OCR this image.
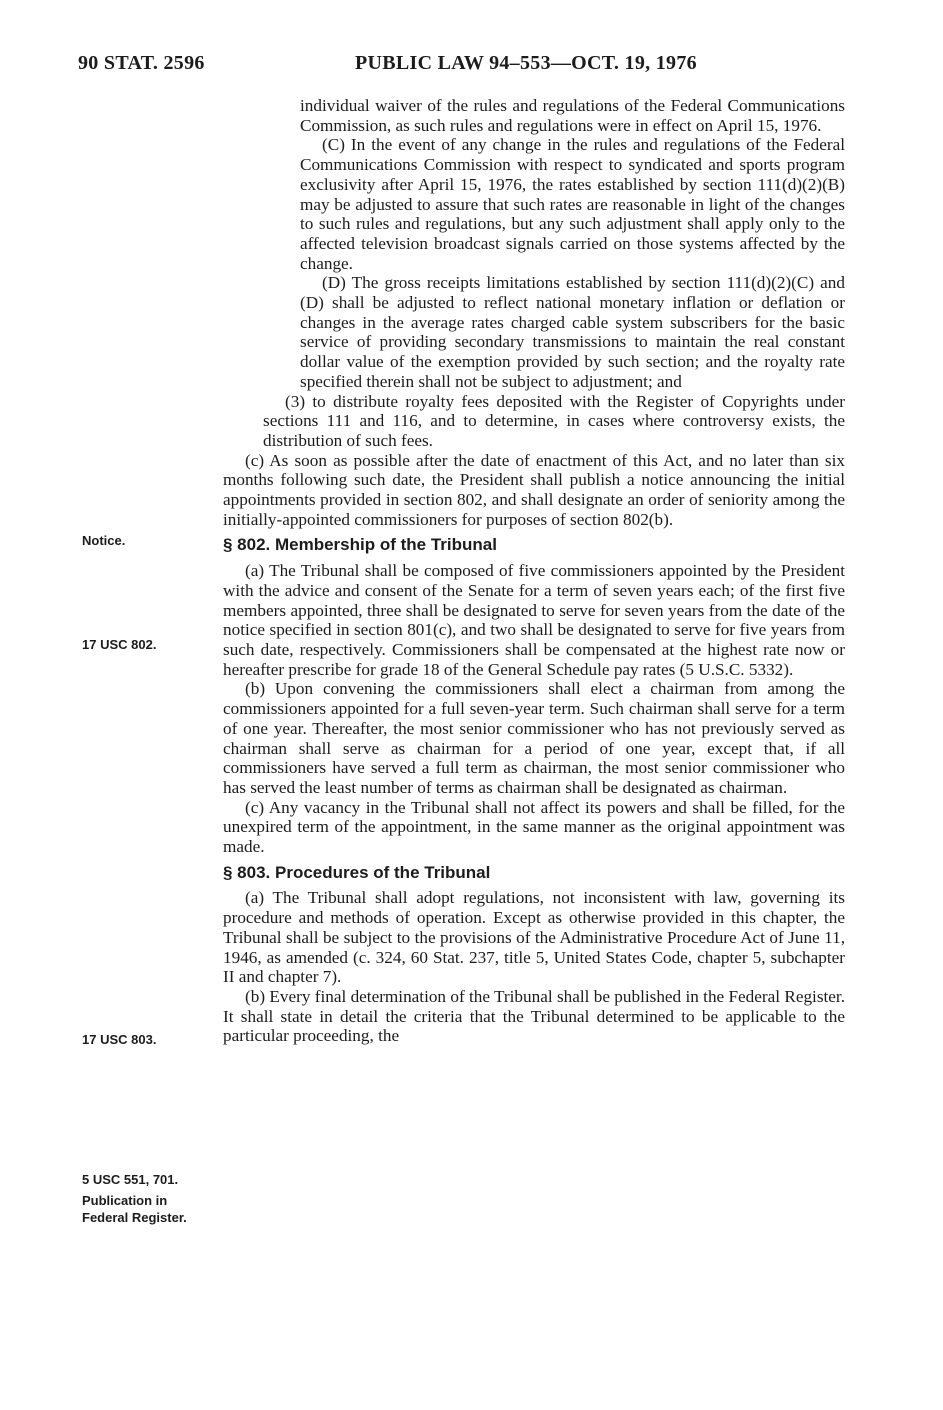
90 STAT. 2596	PUBLIC LAW 94–553—OCT. 19, 1976
Notice.
17 USC 802.
17 USC 803.
5 USC 551, 701.
Publication in Federal Register.

individual waiver of the rules and regulations of the Federal Communications Commission, as such rules and regulations were in effect on April 15, 1976.

(C) In the event of any change in the rules and regulations of the Federal Communications Commission with respect to syndicated and sports program exclusivity after April 15, 1976, the rates established by section 111(d)(2)(B) may be adjusted to assure that such rates are reasonable in light of the changes to such rules and regulations, but any such adjustment shall apply only to the affected television broadcast signals carried on those systems affected by the change.

(D) The gross receipts limitations established by section 111(d)(2)(C) and (D) shall be adjusted to reflect national monetary inflation or deflation or changes in the average rates charged cable system subscribers for the basic service of providing secondary transmissions to maintain the real constant dollar value of the exemption provided by such section; and the royalty rate specified therein shall not be subject to adjustment; and

(3) to distribute royalty fees deposited with the Register of Copyrights under sections 111 and 116, and to determine, in cases where controversy exists, the distribution of such fees.

(c) As soon as possible after the date of enactment of this Act, and no later than six months following such date, the President shall publish a notice announcing the initial appointments provided in section 802, and shall designate an order of seniority among the initially-appointed commissioners for purposes of section 802(b).

§ 802. Membership of the Tribunal

(a) The Tribunal shall be composed of five commissioners appointed by the President with the advice and consent of the Senate for a term of seven years each; of the first five members appointed, three shall be designated to serve for seven years from the date of the notice specified in section 801(c), and two shall be designated to serve for five years from such date, respectively. Commissioners shall be compensated at the highest rate now or hereafter prescribe for grade 18 of the General Schedule pay rates (5 U.S.C. 5332).

(b) Upon convening the commissioners shall elect a chairman from among the commissioners appointed for a full seven-year term. Such chairman shall serve for a term of one year. Thereafter, the most senior commissioner who has not previously served as chairman shall serve as chairman for a period of one year, except that, if all commissioners have served a full term as chairman, the most senior commissioner who has served the least number of terms as chairman shall be designated as chairman.

(c) Any vacancy in the Tribunal shall not affect its powers and shall be filled, for the unexpired term of the appointment, in the same manner as the original appointment was made.

§ 803. Procedures of the Tribunal

(a) The Tribunal shall adopt regulations, not inconsistent with law, governing its procedure and methods of operation. Except as otherwise provided in this chapter, the Tribunal shall be subject to the provisions of the Administrative Procedure Act of June 11, 1946, as amended (c. 324, 60 Stat. 237, title 5, United States Code, chapter 5, subchapter II and chapter 7).

(b) Every final determination of the Tribunal shall be published in the Federal Register. It shall state in detail the criteria that the Tribunal determined to be applicable to the particular proceeding, the
